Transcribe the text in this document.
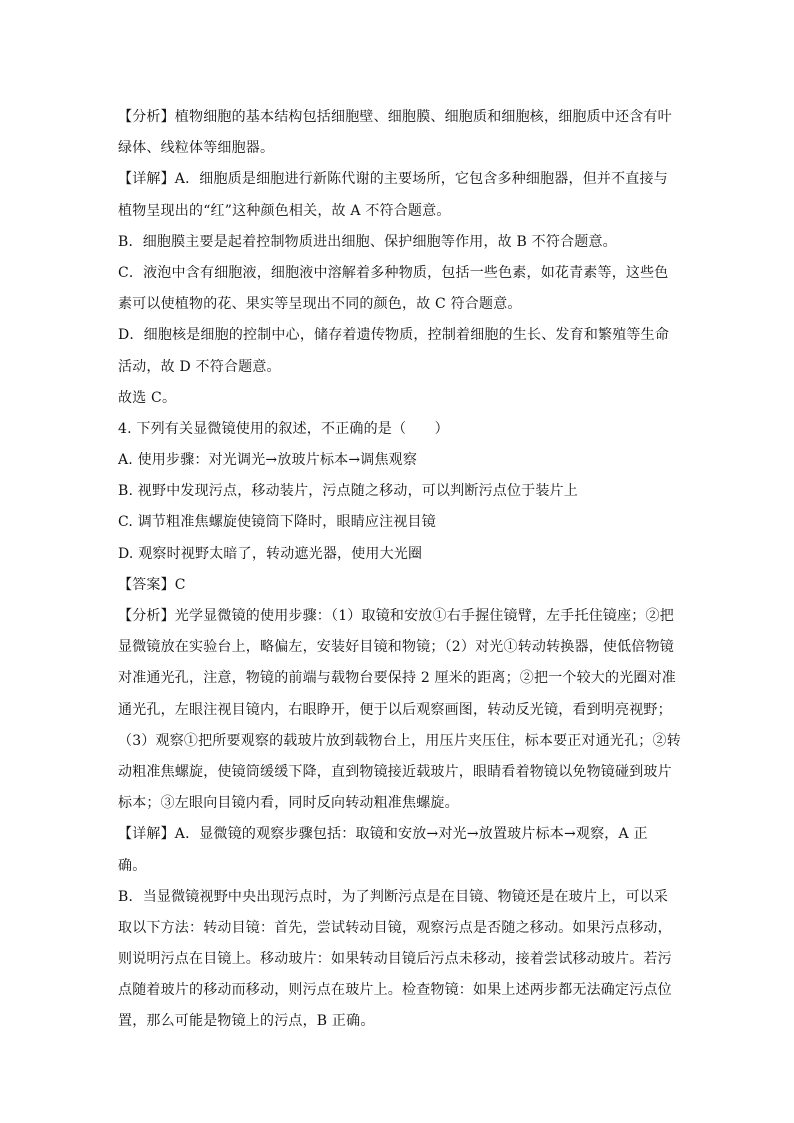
【分析】植物细胞的基本结构包括细胞壁、细胞膜、细胞质和细胞核，细胞质中还含有叶
绿体、线粒体等细胞器。
【详解】A．细胞质是细胞进行新陈代谢的主要场所，它包含多种细胞器，但并不直接与
植物呈现出的“红”这种颜色相关，故 A 不符合题意。
B．细胞膜主要是起着控制物质进出细胞、保护细胞等作用，故 B 不符合题意。
C．液泡中含有细胞液，细胞液中溶解着多种物质，包括一些色素，如花青素等，这些色
素可以使植物的花、果实等呈现出不同的颜色，故 C 符合题意。
D．细胞核是细胞的控制中心，储存着遗传物质，控制着细胞的生长、发育和繁殖等生命
活动，故 D 不符合题意。
故选 C。
4. 下列有关显微镜使用的叙述，不正确的是（　　）
A. 使用步骤：对光调光→放玻片标本→调焦观察
B. 视野中发现污点，移动装片，污点随之移动，可以判断污点位于装片上
C. 调节粗准焦螺旋使镜筒下降时，眼睛应注视目镜
D. 观察时视野太暗了，转动遮光器，使用大光圈
【答案】C
【分析】光学显微镜的使用步骤：（1）取镜和安放①右手握住镜臂，左手托住镜座；②把
显微镜放在实验台上，略偏左，安装好目镜和物镜；（2）对光①转动转换器，使低倍物镜
对准通光孔，注意，物镜的前端与载物台要保持 2 厘米的距离；②把一个较大的光圈对准
通光孔，左眼注视目镜内，右眼睁开，便于以后观察画图，转动反光镜，看到明亮视野；
（3）观察①把所要观察的载玻片放到载物台上，用压片夹压住，标本要正对通光孔；②转
动粗准焦螺旋，使镜筒缓缓下降，直到物镜接近载玻片，眼睛看着物镜以免物镜碰到玻片
标本；③左眼向目镜内看，同时反向转动粗准焦螺旋。
【详解】A．显微镜的观察步骤包括：取镜和安放→对光→放置玻片标本→观察，A 正
确。
B．当显微镜视野中央出现污点时，为了判断污点是在目镜、物镜还是在玻片上，可以采
取以下方法：转动目镜：首先，尝试转动目镜，观察污点是否随之移动。如果污点移动，
则说明污点在目镜上。移动玻片：如果转动目镜后污点未移动，接着尝试移动玻片。若污
点随着玻片的移动而移动，则污点在玻片上。检查物镜：如果上述两步都无法确定污点位
置，那么可能是物镜上的污点，B 正确。
